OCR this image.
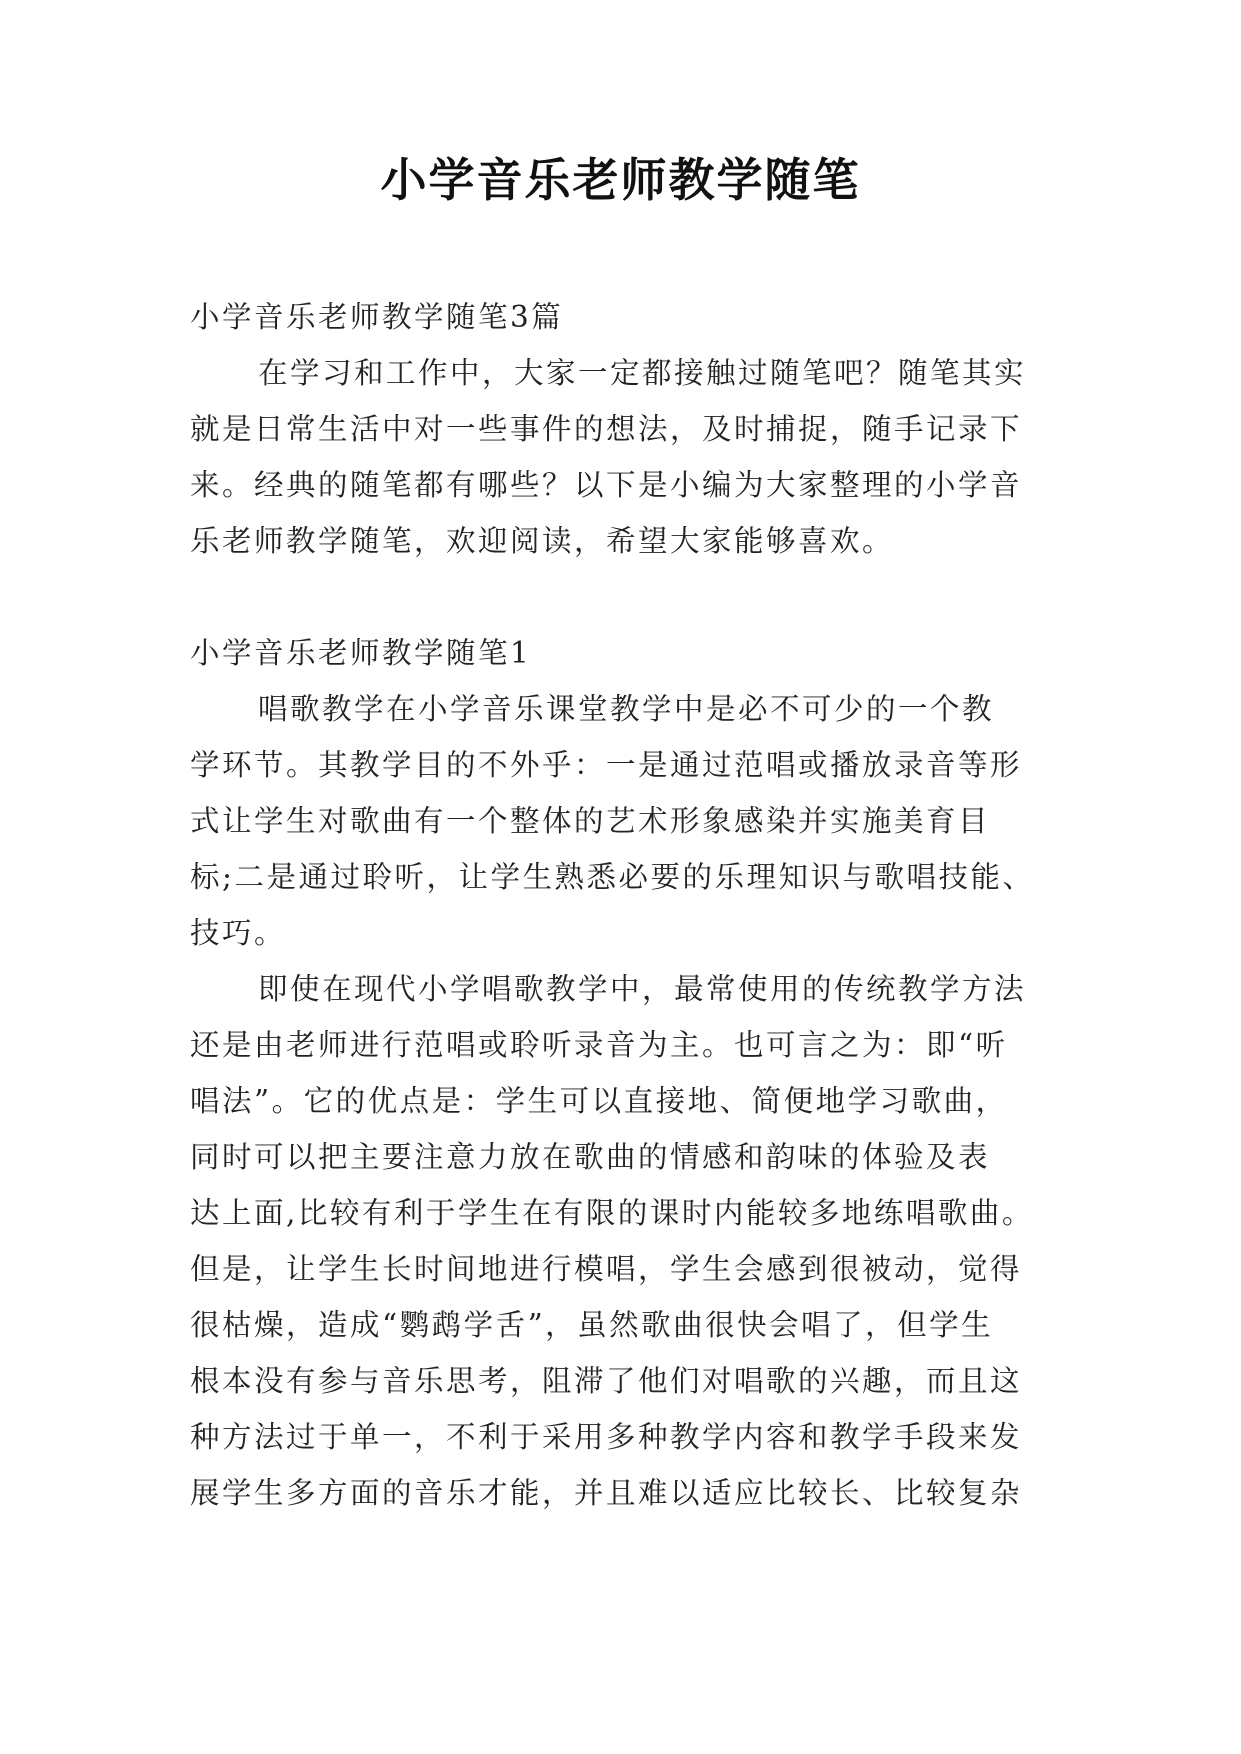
小学音乐老师教学随笔
小学音乐老师教学随笔3篇
在学习和工作中，大家一定都接触过随笔吧？随笔其实
就是日常生活中对一些事件的想法，及时捕捉，随手记录下
来。经典的随笔都有哪些？以下是小编为大家整理的小学音
乐老师教学随笔，欢迎阅读，希望大家能够喜欢。
小学音乐老师教学随笔1
唱歌教学在小学音乐课堂教学中是必不可少的一个教
学环节。其教学目的不外乎：一是通过范唱或播放录音等形
式让学生对歌曲有一个整体的艺术形象感染并实施美育目
标;二是通过聆听，让学生熟悉必要的乐理知识与歌唱技能、
技巧。
即使在现代小学唱歌教学中，最常使用的传统教学方法
还是由老师进行范唱或聆听录音为主。也可言之为：即“听
唱法”。它的优点是：学生可以直接地、简便地学习歌曲，
同时可以把主要注意力放在歌曲的情感和韵味的体验及表
达上面,比较有利于学生在有限的课时内能较多地练唱歌曲。
但是，让学生长时间地进行模唱，学生会感到很被动，觉得
很枯燥，造成“鹦鹉学舌”，虽然歌曲很快会唱了，但学生
根本没有参与音乐思考，阻滞了他们对唱歌的兴趣，而且这
种方法过于单一，不利于采用多种教学内容和教学手段来发
展学生多方面的音乐才能，并且难以适应比较长、比较复杂
